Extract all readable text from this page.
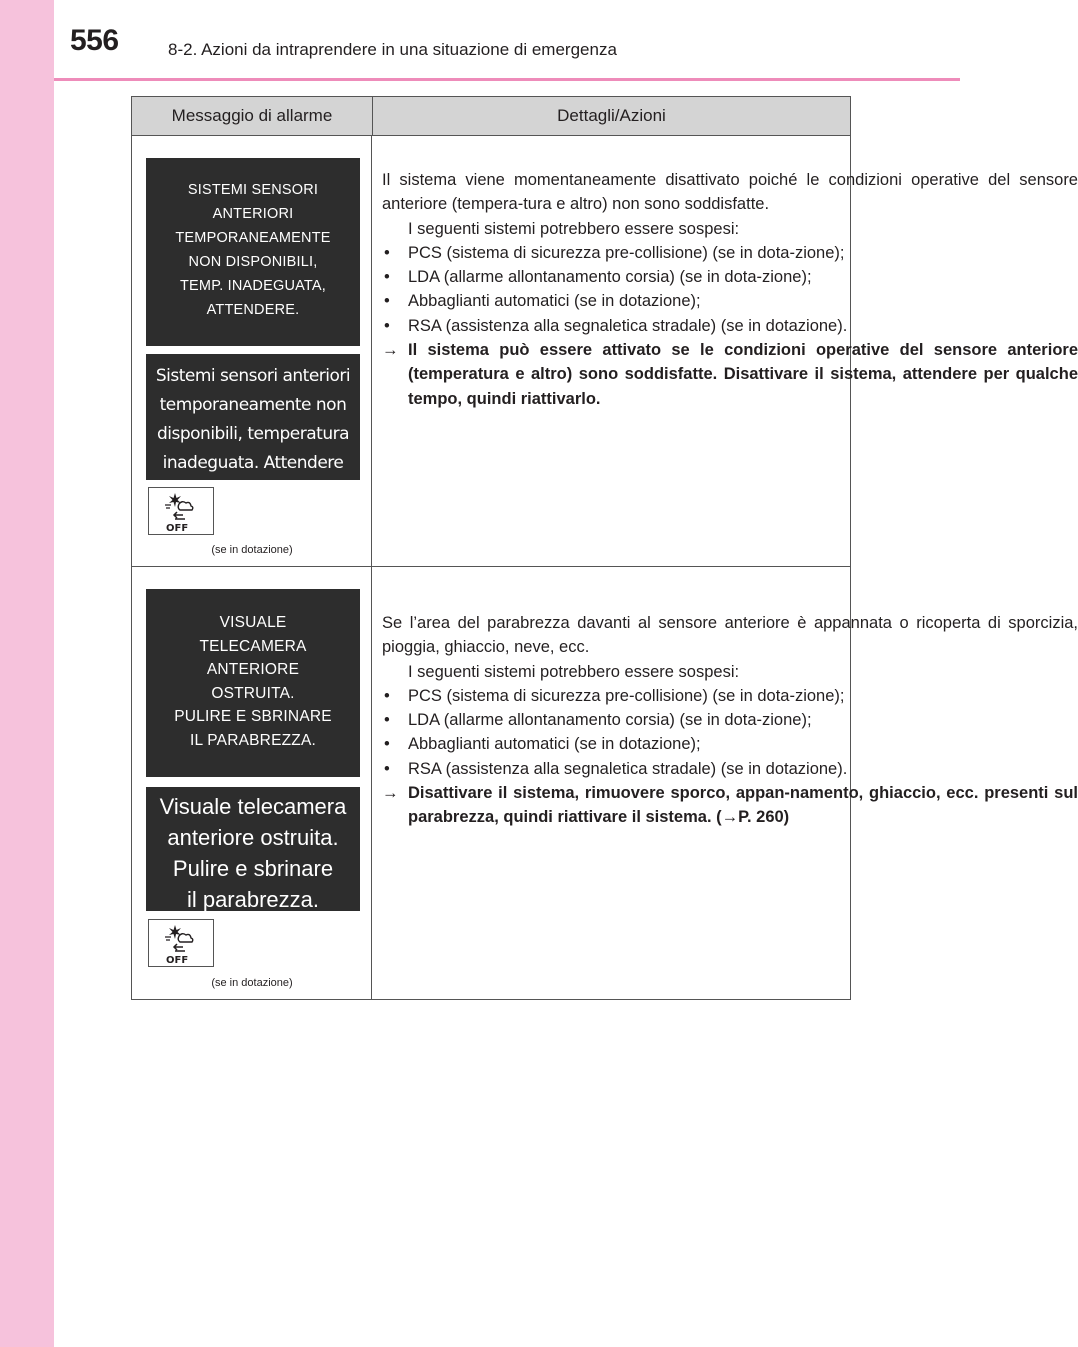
556	8-2. Azioni da intraprendere in una situazione di emergenza
Messaggio di allarme	Dettagli/Azioni
SISTEMI SENSORI
ANTERIORI
TEMPORANEAMENTE
NON DISPONIBILI,
TEMP. INADEGUATA,
ATTENDERE.
Sistemi sensori anteriori
temporaneamente non
disponibili, temperatura
inadeguata. Attendere
OFF
(se in dotazione)
Il sistema viene momentaneamente disattivato poiché le condizioni operative del sensore anteriore (tempera-tura e altro) non sono soddisfatte.
I seguenti sistemi potrebbero essere sospesi:
• PCS (sistema di sicurezza pre-collisione) (se in dota-zione);
• LDA (allarme allontanamento corsia) (se in dota-zione);
• Abbaglianti automatici (se in dotazione);
• RSA (assistenza alla segnaletica stradale) (se in dotazione).
→ Il sistema può essere attivato se le condizioni operative del sensore anteriore (temperatura e altro) sono soddisfatte. Disattivare il sistema, attendere per qualche tempo, quindi riattivarlo.
VISUALE
TELECAMERA
ANTERIORE
OSTRUITA.
PULIRE E SBRINARE
IL PARABREZZA.
Visuale telecamera
anteriore ostruita.
Pulire e sbrinare
il parabrezza.
OFF
(se in dotazione)
Se l’area del parabrezza davanti al sensore anteriore è appannata o ricoperta di sporcizia, pioggia, ghiaccio, neve, ecc.
I seguenti sistemi potrebbero essere sospesi:
• PCS (sistema di sicurezza pre-collisione) (se in dota-zione);
• LDA (allarme allontanamento corsia) (se in dota-zione);
• Abbaglianti automatici (se in dotazione);
• RSA (assistenza alla segnaletica stradale) (se in dotazione).
→ Disattivare il sistema, rimuovere sporco, appan-namento, ghiaccio, ecc. presenti sul parabrezza, quindi riattivare il sistema. (→P. 260)
